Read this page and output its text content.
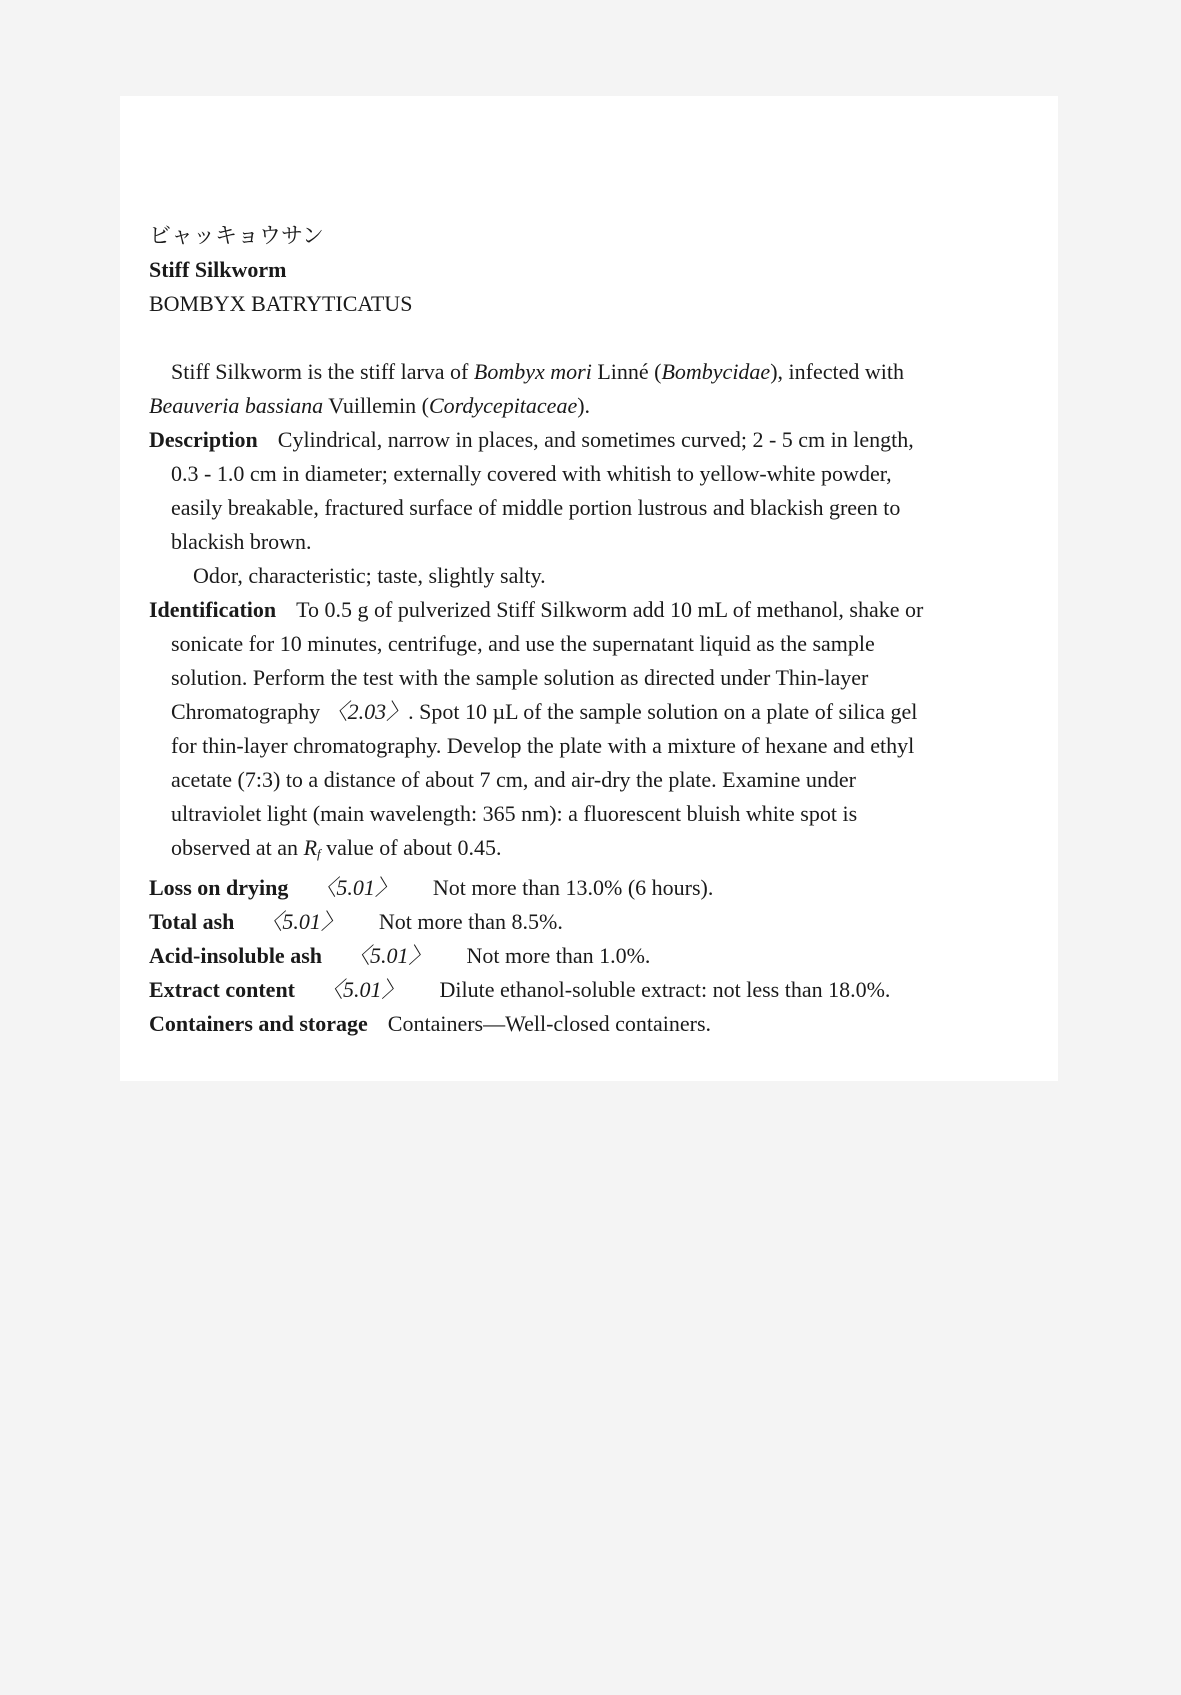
ビャッキョウサン
Stiff Silkworm
BOMBYX BATRYTICATUS
Stiff Silkworm is the stiff larva of Bombyx mori Linné (Bombycidae), infected with
Beauveria bassiana Vuillemin (Cordycepitaceae).
Description Cylindrical, narrow in places, and sometimes curved; 2 - 5 cm in length,
0.3 - 1.0 cm in diameter; externally covered with whitish to yellow-white powder,
easily breakable, fractured surface of middle portion lustrous and blackish green to
blackish brown.
Odor, characteristic; taste, slightly salty.
Identification To 0.5 g of pulverized Stiff Silkworm add 10 mL of methanol, shake or
sonicate for 10 minutes, centrifuge, and use the supernatant liquid as the sample
solution. Perform the test with the sample solution as directed under Thin-layer
Chromatography 〈2.03〉. Spot 10 µL of the sample solution on a plate of silica gel
for thin-layer chromatography. Develop the plate with a mixture of hexane and ethyl
acetate (7:3) to a distance of about 7 cm, and air-dry the plate. Examine under
ultraviolet light (main wavelength: 365 nm): a fluorescent bluish white spot is
observed at an $R_f$ value of about 0.45.
Loss on drying 〈5.01〉 Not more than 13.0% (6 hours).
Total ash 〈5.01〉 Not more than 8.5%.
Acid-insoluble ash 〈5.01〉 Not more than 1.0%.
Extract content 〈5.01〉 Dilute ethanol-soluble extract: not less than 18.0%.
Containers and storage Containers—Well-closed containers.
